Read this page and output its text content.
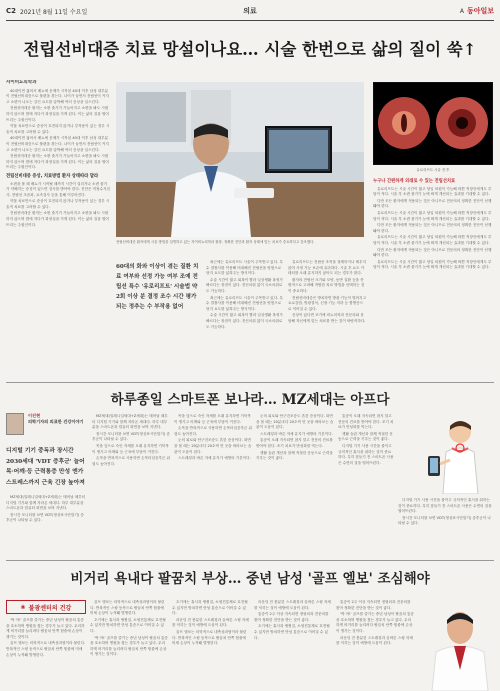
C2 2021년 8월 11일 수요일	의료	A 동아일보
전립선비대증 치료 망설이나요… 시술 한번으로 삶의 질이 쑥↑

자이비뇨의학과

40대이면 젊어서 배뇨에 문제가 시작된 40대 이후 남성 대부분이 전립선비대증으로 불편을 겪는다. 나이가 들면서 전립선이 커지고 소변이 나오는 길인 요도를 압박해 여러 증상을 일으킨다.

전립선비대증 환자는 소변 줄기가 가늘어지고 소변을 봐도 시원하지 않으며 밤에 자다가 화장실을 가게 된다. 이는 삶의 질을 떨어뜨리는 주원인이다.

약물 치료만으로 증상이 호전되지 않거나 부작용이 있는 경우 시술적 치료를 고려할 수 있다.

40대이면 젊어서 배뇨에 문제가 시작된 40대 이후 남성 대부분이 전립선비대증으로 불편을 겪는다. 나이가 들면서 전립선이 커지고 소변이 나오는 길인 요도를 압박해 여러 증상을 일으킨다.

전립선비대증 환자는 소변 줄기가 가늘어지고 소변을 봐도 시원하지 않으며 밤에 자다가 화장실을 가게 된다. 이는 삶의 질을 떨어뜨리는 주원인이다.

전립선비대증 증상, 치료방법 환자 상태따라 달라

소변을 볼 때 배뇨가 시작될 때까지 시간이 걸리거나 소변 줄기가 약해지는 증상이 있으면 검사를 받아야 한다. 진단은 직장수지검사, 전립선 초음파, 요속검사 등을 통해 이루어진다.

약물 치료만으로 증상이 호전되지 않거나 부작용이 있는 경우 시술적 치료를 고려할 수 있다.

전립선비대증 환자는 소변 줄기가 가늘어지고 소변을 봐도 시원하지 않으며 밤에 자다가 화장실을 가게 된다. 이는 삶의 질을 떨어뜨리는 주원인이다.

전립선비대증 환자에게 시술 방법을 설명하고 있는 자이비뇨의학과 원장. 정확한 진단과 환자 상태에 맞는 치료가 중요하다고 강조했다.
유로리프트 시술 전·후

누구나 간편하게 외래로 수 있는 전립선치료

유로리프트는 시술 시간이 짧고 당일 퇴원이 가능해 바쁜 직장인에게도 부담이 적다. 시술 후 소변 줄기가 눈에 띄게 개선되는 효과를 기대할 수 있다.

다만 모든 환자에게 적용되는 것은 아니므로 전문의의 정확한 진단이 선행돼야 한다.

유로리프트는 시술 시간이 짧고 당일 퇴원이 가능해 바쁜 직장인에게도 부담이 적다. 시술 후 소변 줄기가 눈에 띄게 개선되는 효과를 기대할 수 있다.

다만 모든 환자에게 적용되는 것은 아니므로 전문의의 정확한 진단이 선행돼야 한다.

유로리프트는 시술 시간이 짧고 당일 퇴원이 가능해 바쁜 직장인에게도 부담이 적다. 시술 후 소변 줄기가 눈에 띄게 개선되는 효과를 기대할 수 있다.

다만 모든 환자에게 적용되는 것은 아니므로 전문의의 정확한 진단이 선행돼야 한다.

유로리프트는 시술 시간이 짧고 당일 퇴원이 가능해 바쁜 직장인에게도 부담이 적다. 시술 후 소변 줄기가 눈에 띄게 개선되는 효과를 기대할 수 있다.

60대의 화와 이상이 겪는 질환 치료 여부와 선정 가능 여부 조예 전립선 특수 '유로리프트' 시술법 약 2회 이상 분 결정 조수 시간 평가되는 정추는 수 부작용 없어

최근에는 유로리프트 시술이 주목받고 있다. 특수 결찰사를 이용해 비대해진 전립선을 양옆으로 당겨 요도를 넓혀주는 방식이다.

수술 시간이 짧고 회복이 빨라 일상생활 복귀가 빠르다는 장점이 있다. 전신마취 없이 국소마취로도 가능하다.

최근에는 유로리프트 시술이 주목받고 있다. 특수 결찰사를 이용해 비대해진 전립선을 양옆으로 당겨 요도를 넓혀주는 방식이다.

수술 시간이 짧고 회복이 빨라 일상생활 복귀가 빠르다는 장점이 있다. 전신마취 없이 국소마취로도 가능하다.

유로리프트는 전립선 조직을 절제하거나 태우지 않아 사정 기능 보존에 유리하다. 시술 후 요도 카테터를 오래 유지하지 않아도 되는 경우가 많다.

환자의 전립선 크기와 모양, 동반 질환 등을 종합적으로 고려해 적합한 치료 방법을 선택하는 것이 중요하다.

전립선비대증은 방치하면 방광 기능이 떨어지고 요로감염, 방광결석, 신장 기능 저하 등 합병증으로 이어질 수 있다.

증상이 있다면 조기에 비뇨의학과 전문의와 상담해 자신에게 맞는 치료를 받는 것이 바람직하다.

하루종일 스마트폰 보나라… MZ세대는 아프다
이진현
의학기자의 의료한 건강이야기
디지털 기기 중독과 장시간 2030세대 'VDT 증후군' 늘어 목·어깨·등 근력통증 만성 엔가 스트레스까지 근육 긴장 높아져

MZ세대(밀레니얼세대+Z세대)는 태어날 때부터 디지털 기기와 함께 자라온 세대다. 하루 대부분을 스마트폰과 컴퓨터 화면을 보며 지낸다.

장시간 모니터를 보면 VDT(영상표시단말기) 증후군이 나타날 수 있다.

MZ세대(밀레니얼세대+Z세대)는 태어날 때부터 디지털 기기와 함께 자라온 세대다. 하루 대부분을 스마트폰과 컴퓨터 화면을 보며 지낸다.

장시간 모니터를 보면 VDT(영상표시단말기) 증후군이 나타날 수 있다.

목을 앞으로 숙인 자세를 오래 유지하면 거북목이 생기고 어깨와 등 근육에 부담이 커진다.

손목을 반복적으로 사용하면 손목터널증후군 위험도 높아진다.

목을 앞으로 숙인 자세를 오래 유지하면 거북목이 생기고 어깨와 등 근육에 부담이 커진다.

손목을 반복적으로 사용하면 손목터널증후군 위험도 높아진다.

눈의 피로와 안구건조증도 흔한 증상이다. 화면을 볼 때는 20분마다 20초씩 먼 곳을 바라보는 습관이 도움이 된다.

스트레칭과 바른 자세 유지가 예방의 기본이다.

눈의 피로와 안구건조증도 흔한 증상이다. 화면을 볼 때는 20분마다 20초씩 먼 곳을 바라보는 습관이 도움이 된다.

스트레칭과 바른 자세 유지가 예방의 기본이다.

통증이 오래 지속되면 참지 말고 전문의 진료를 받아야 한다. 조기 치료가 만성화를 막는다.

생활 습관 개선과 함께 적절한 운동으로 근력을 키우는 것이 좋다.

통증이 오래 지속되면 참지 말고 전문의 진료를 받아야 한다. 조기 치료가 만성화를 막는다.

생활 습관 개선과 함께 적절한 운동으로 근력을 키우는 것이 좋다.

디지털 기기 사용 시간을 줄이고 규칙적인 휴식을 취하는 것이 중요하다. 특히 잠들기 전 스마트폰 사용은 수면의 질을 떨어뜨린다.

디지털 기기 사용 시간을 줄이고 규칙적인 휴식을 취하는 것이 중요하다. 특히 잠들기 전 스마트폰 사용은 수면의 질을 떨어뜨린다.

장시간 모니터를 보면 VDT(영상표시단말기) 증후군이 나타날 수 있다.

비거리 욕내다 팔꿈치 부상… 중년 남성 '골프 엘보' 조심해야
❀ 불광센터의 건강

'딱 아!' 골프를 즐기는 중년 남성이 팔꿈치 통증을 호소하며 병원을 찾는 경우가 늘고 있다. 무리하게 비거리를 늘리려다 팔꿈치 안쪽 힘줄에 손상이 생기는 것이다.

골프 엘보는 의학적으로 내측상과염이라 불린다. 반복적인 스윙 동작으로 팔꿈치 안쪽 힘줄에 미세 손상이 누적돼 발생한다.

골프 엘보는 의학적으로 내측상과염이라 불린다. 반복적인 스윙 동작으로 팔꿈치 안쪽 힘줄에 미세 손상이 누적돼 발생한다.

초기에는 휴식과 냉찜질, 소염진통제로 호전될 수 있지만 방치하면 만성 통증으로 이어질 수 있다.

'딱 아!' 골프를 즐기는 중년 남성이 팔꿈치 통증을 호소하며 병원을 찾는 경우가 늘고 있다. 무리하게 비거리를 늘리려다 팔꿈치 안쪽 힘줄에 손상이 생기는 것이다.

초기에는 휴식과 냉찜질, 소염진통제로 호전될 수 있지만 방치하면 만성 통증으로 이어질 수 있다.

라운딩 전 충분한 스트레칭과 올바른 스윙 자세를 익히는 것이 예방에 도움이 된다.

골프 엘보는 의학적으로 내측상과염이라 불린다. 반복적인 스윙 동작으로 팔꿈치 안쪽 힘줄에 미세 손상이 누적돼 발생한다.

라운딩 전 충분한 스트레칭과 올바른 스윙 자세를 익히는 것이 예방에 도움이 된다.

통증이 2주 이상 지속되면 정형외과 전문의를 찾아 정확한 진단을 받는 것이 좋다.

초기에는 휴식과 냉찜질, 소염진통제로 호전될 수 있지만 방치하면 만성 통증으로 이어질 수 있다.

통증이 2주 이상 지속되면 정형외과 전문의를 찾아 정확한 진단을 받는 것이 좋다.

'딱 아!' 골프를 즐기는 중년 남성이 팔꿈치 통증을 호소하며 병원을 찾는 경우가 늘고 있다. 무리하게 비거리를 늘리려다 팔꿈치 안쪽 힘줄에 손상이 생기는 것이다.

라운딩 전 충분한 스트레칭과 올바른 스윙 자세를 익히는 것이 예방에 도움이 된다.
